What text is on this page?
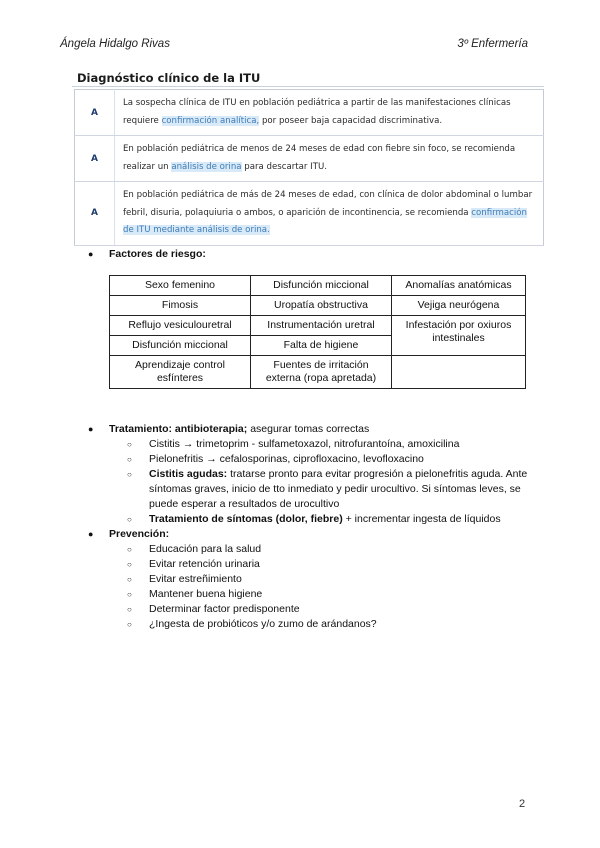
Ángela Hidalgo Rivas	3º Enfermería
Diagnóstico clínico de la ITU
A	La sospecha clínica de ITU en población pediátrica a partir de las manifestaciones clínicas requiere confirmación analítica, por poseer baja capacidad discriminativa.
A	En población pediátrica de menos de 24 meses de edad con fiebre sin foco, se recomienda realizar un análisis de orina para descartar ITU.
A	En población pediátrica de más de 24 meses de edad, con clínica de dolor abdominal o lumbar febril, disuria, polaquiuria o ambos, o aparición de incontinencia, se recomienda confirmación de ITU mediante análisis de orina.
● Factores de riesgo:
Sexo femenino	Disfunción miccional	Anomalías anatómicas
Fimosis	Uropatía obstructiva	Vejiga neurógena
Reflujo vesiculouretral	Instrumentación uretral	Infestación por oxiuros intestinales
Disfunción miccional	Falta de higiene	
Aprendizaje control esfínteres	Fuentes de irritación externa (ropa apretada)	
● Tratamiento: antibioterapia; asegurar tomas correctas
○ Cistitis → trimetoprim - sulfametoxazol, nitrofurantoína, amoxicilina
○ Pielonefritis → cefalosporinas, ciprofloxacino, levofloxacino
○ Cistitis agudas: tratarse pronto para evitar progresión a pielonefritis aguda. Ante síntomas graves, inicio de tto inmediato y pedir urocultivo. Si síntomas leves, se puede esperar a resultados de urocultivo
○ Tratamiento de síntomas (dolor, fiebre) + incrementar ingesta de líquidos
● Prevención:
○ Educación para la salud
○ Evitar retención urinaria
○ Evitar estreñimiento
○ Mantener buena higiene
○ Determinar factor predisponente
○ ¿Ingesta de probióticos y/o zumo de arándanos?
2
